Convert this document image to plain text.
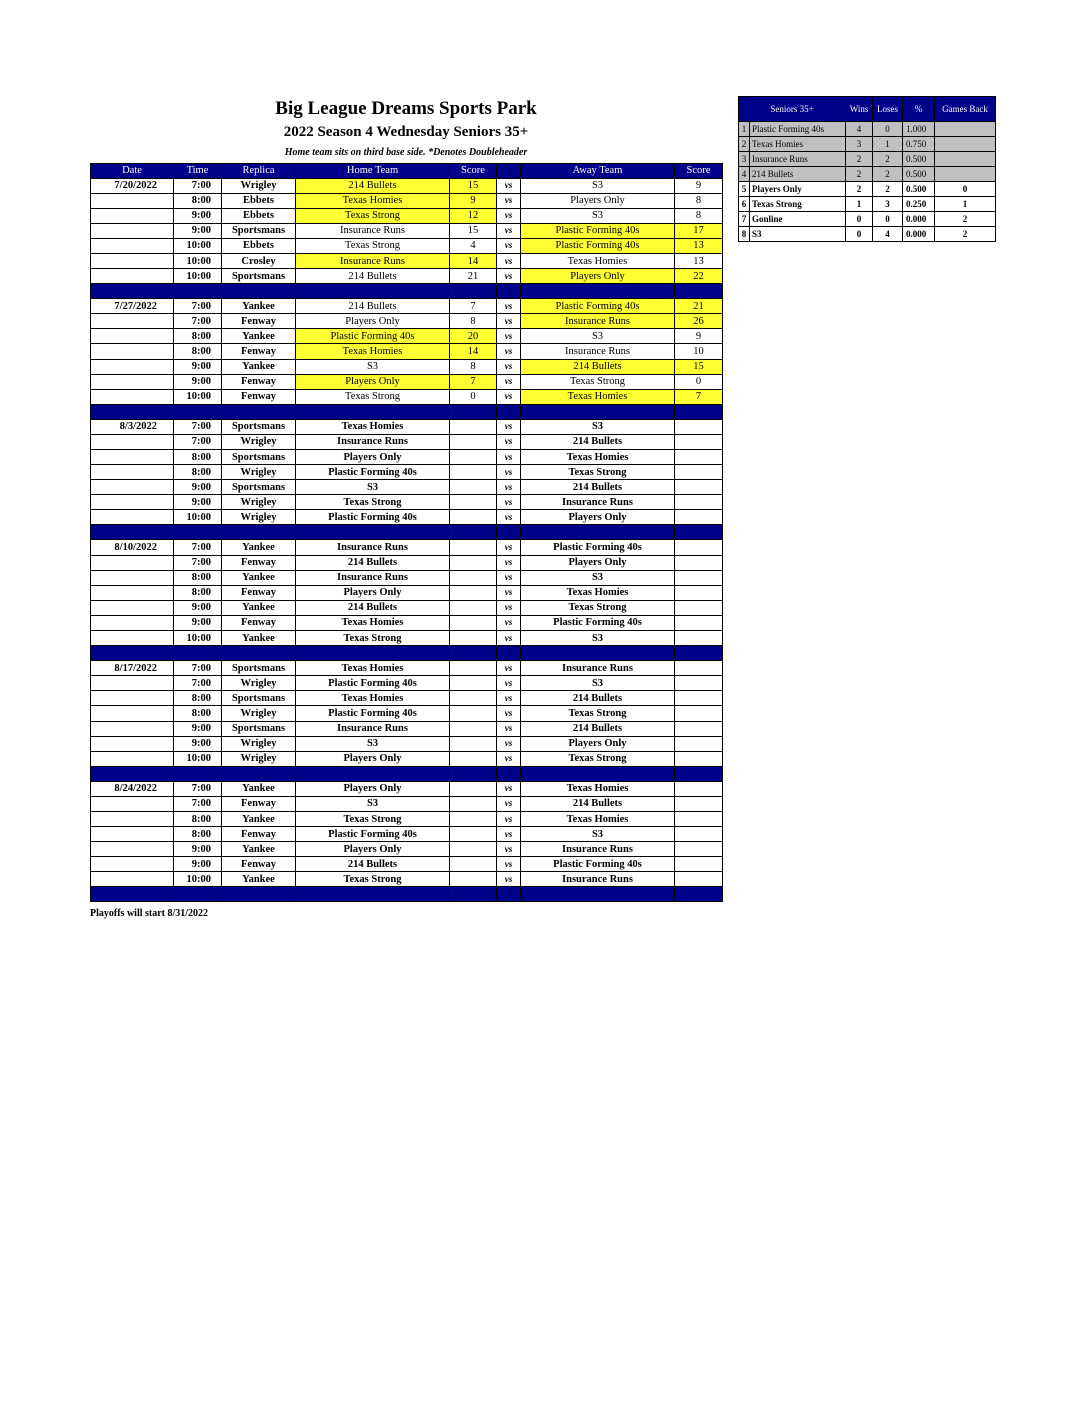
Big League Dreams Sports Park
2022 Season 4 Wednesday Seniors 35+
Home team sits on third base side. *Denotes Doubleheader
Date	Time	Replica	Home Team	Score		Away Team	Score
7/20/2022	7:00	Wrigley	214 Bullets	15	vs	S3	9
	8:00	Ebbets	Texas Homies	9	vs	Players Only	8
	9:00	Ebbets	Texas Strong	12	vs	S3	8
	9:00	Sportsmans	Insurance Runs	15	vs	Plastic Forming 40s	17
	10:00	Ebbets	Texas Strong	4	vs	Plastic Forming 40s	13
	10:00	Crosley	Insurance Runs	14	vs	Texas Homies	13
	10:00	Sportsmans	214 Bullets	21	vs	Players Only	22

7/27/2022	7:00	Yankee	214 Bullets	7	vs	Plastic Forming 40s	21
	7:00	Fenway	Players Only	8	vs	Insurance Runs	26
	8:00	Yankee	Plastic Forming 40s	20	vs	S3	9
	8:00	Fenway	Texas Homies	14	vs	Insurance Runs	10
	9:00	Yankee	S3	8	vs	214 Bullets	15
	9:00	Fenway	Players Only	7	vs	Texas Strong	0
	10:00	Fenway	Texas Strong	0	vs	Texas Homies	7

8/3/2022	7:00	Sportsmans	Texas Homies		vs	S3	
	7:00	Wrigley	Insurance Runs		vs	214 Bullets	
	8:00	Sportsmans	Players Only		vs	Texas Homies	
	8:00	Wrigley	Plastic Forming 40s		vs	Texas Strong	
	9:00	Sportsmans	S3		vs	214 Bullets	
	9:00	Wrigley	Texas Strong		vs	Insurance Runs	
	10:00	Wrigley	Plastic Forming 40s		vs	Players Only	

8/10/2022	7:00	Yankee	Insurance Runs		vs	Plastic Forming 40s	
	7:00	Fenway	214 Bullets		vs	Players Only	
	8:00	Yankee	Insurance Runs		vs	S3	
	8:00	Fenway	Players Only		vs	Texas Homies	
	9:00	Yankee	214 Bullets		vs	Texas Strong	
	9:00	Fenway	Texas Homies		vs	Plastic Forming 40s	
	10:00	Yankee	Texas Strong		vs	S3	

8/17/2022	7:00	Sportsmans	Texas Homies		vs	Insurance Runs	
	7:00	Wrigley	Plastic Forming 40s		vs	S3	
	8:00	Sportsmans	Texas Homies		vs	214 Bullets	
	8:00	Wrigley	Plastic Forming 40s		vs	Texas Strong	
	9:00	Sportsmans	Insurance Runs		vs	214 Bullets	
	9:00	Wrigley	S3		vs	Players Only	
	10:00	Wrigley	Players Only		vs	Texas Strong	

8/24/2022	7:00	Yankee	Players Only		vs	Texas Homies	
	7:00	Fenway	S3		vs	214 Bullets	
	8:00	Yankee	Texas Strong		vs	Texas Homies	
	8:00	Fenway	Plastic Forming 40s		vs	S3	
	9:00	Yankee	Players Only		vs	Insurance Runs	
	9:00	Fenway	214 Bullets		vs	Plastic Forming 40s	
	10:00	Yankee	Texas Strong		vs	Insurance Runs	

Seniors 35+		Wins	Loses	%	Games Back
1	Plastic Forming 40s	4	0	1.000	
2	Texas Homies	3	1	0.750	
3	Insurance Runs	2	2	0.500	
4	214 Bullets	2	2	0.500	
5	Players Only	2	2	0.500	0
6	Texas Strong	1	3	0.250	1
7	Gonline	0	0	0.000	2
8	S3	0	4	0.000	2
Playoffs will start 8/31/2022
